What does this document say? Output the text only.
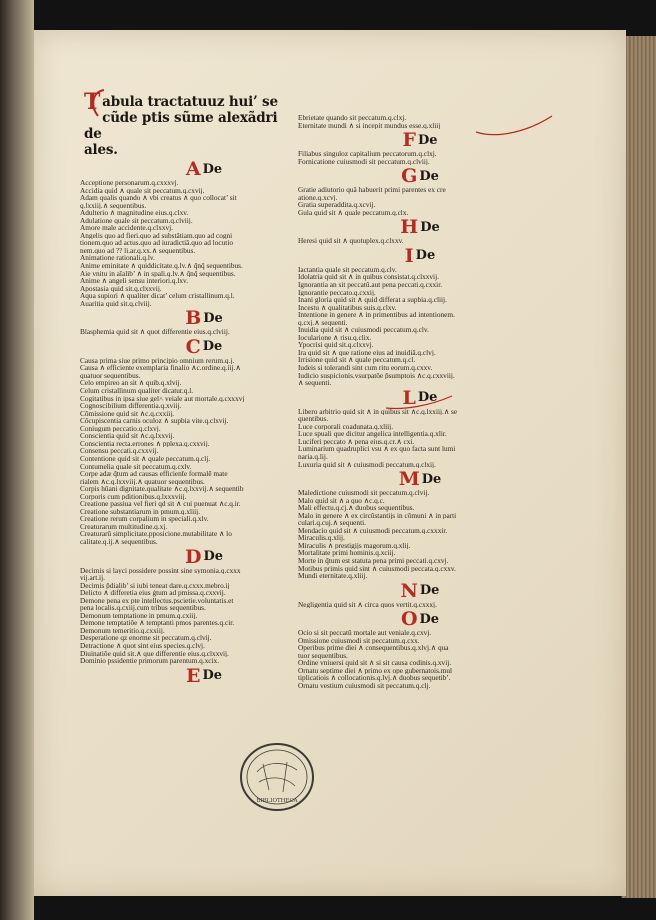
T abula tractatuuz hui’ se
cũde ptis sũme alexãdri de
ales.
A De
Acceptione personarum.q.cxxxvj.
Accidia quid ∧ quale sit peccatum.q.cxvij.
Adam qualis quando ∧ vbi creatus ∧ quo collocat’ sit
q.lxxiij.∧ sequentibus.
Adulterio ∧ magnitudine eius.q.clxv.
Adulatione quale sit peccatum.q.clviij.
Amore male accidente.q.clxxvj.
Angelis quo ad fieri.quo ad substãtiam.quo ad cogni
tionem.quo ad actus.quo ad iuradictiã.quo ad locutio
nem.quo ad ?? li.ar.q.xx.∧ sequentibus.
Animatione rationali.q.lv.
Anime eminitate ∧ quiddicitate.q.lv.∧ q̃nq̃ sequentibus.
Aie vnitu in aĩalib’ ∧ in spali.q.lv.∧ q̃nq̃ sequentibus.
Anime ∧ angeli sensu interiori.q.lxv.
Apostasia quid sit.q.clxxvij.
Aqua supiori ∧ qualiter dicat’ celum cristallinum.q.l.
Auaritia quid sit.q.clviij.
B De
Blasphemia quid sit ∧ quot differentie eius.q.clviij.
C De
Causa prima siue primo principio omnium rerum.q.j.
Causa ∧ efficiente exemplaria finalio ∧c.ordine.q.iij.∧
quatuor sequentibus.
Celo empireo an sit ∧ quib.q.xlvij.
Celum cristallinum qualiter dicatur.q.l.
Cogitatibus in ipsa siue gel˄ veiale aut mortale.q.cxxxvj
Cognoscibilium differentia.q.xviij.
Cõmissione quid sit ∧c.q.cxxiij.
Cõcupiscentia carnis oculoz ∧ supbia vite.q.clxvij.
Coniugum peccatio.q.clxvj.
Conscientia quid sit ∧c.q.lxxvij.
Conscientia recta.errones ∧ pplexa.q.cxxvij.
Consensu peccati.q.cxxvij.
Contentione quid sit ∧ quale peccatum.q.clj.
Contumelia quale sit peccatum.q.cxlv.
Corpe adæ q̃tum ad causas efficient̄e formalē mate
rialem ∧c.q.lxxviij.∧ quatuor sequentibus.
Corpis hũani dignitate.qualitate ∧c.q.lxxvij.∧ sequentib
Corporis cum pditionibus.q.lxxxviij.
Creatione passiua vel fieri qd sit ∧ cui puenuat ∧c.q.ir.
Creatione substantiarum in pmum.q.xliij.
Creatione rerum corpalium in speciali.q.xlv.
Creaturarum multitudine.q.xj.
Creaturarū simplicitate.pposicione.mutabilitate ∧ lo
calitate.q.ij.∧ sequentibus.
D De
Decimis si layci possidere possint sine symonia.q.cxxx
vij.art.ij.
Decimis p̃dialib’ si iubi teneat dare.q.cxxx.mebro.ij
Delicto ∧ differetia eius ġtum ad pmissa.q.cxxvij.
Demone pena ex pte intellectus.pscietie.voluntatis.et
pena localis.q.cxiij.cum tribus sequentibus.
Demonum temptatione in pmum.q.cxiij.
Demone temptatiõe ∧ temptanti pmos parentes.q.cir.
Demonum temeritio.q.cxxiij.
Desperatione qz enorme sit peccatum.q.clvij.
Detractione ∧ quot sint eius species.q.clvj.
Diuinatiõe quid sit.∧ que differentie eius.q.clxxvij.
Dominio pssidentie primorum parentum.q.xcix.
E De
Ebrietate quando sit peccatum.q.clxj.
Eternitate mundi ∧ si incepit mundus esse.q.xliij
F De
Filiabus singuloz capitalium peccatorum.q.clxj.
Fornicatione cuiusmodi sit peccatum.q.clviij.
G De
Gratie adiutorio quã habuerit primi parentes ex cre
atione.q.xcvj.
Gratia superaddita.q.xcvij.
Gula quid sit ∧ quale peccatum.q.clx.
H De
Heresi quid sit ∧ quotuplex.q.clxxv.
I De
Iactantia quale sit peccatum.q.clv.
Idolatria quid sit ∧ in quibus consistat.q.clxxvij.
Ignorantia an sit peccatũ.aut pena peccati.q.cxxir.
Ignorantie peccato.q.cxxij.
Inani gloria quid sit ∧ quid differat a supbia.q.cliij.
Incestu ∧ qualitatibus suis.q.clxv.
Intentione in genere ∧ in primentibus ad intentionem.
q.cxj.∧ sequenti.
Inuidia quid sit ∧ cuiusmodi peccatum.q.clv.
Iocularione ∧ risu.q.clix.
Ypocrisi quid sit.q.clxxvj.
Ira quid sit ∧ que ratione eius ad inuidiã.q.clvj.
Irrisione quid sit ∧ quale peccatum.q.cl.
Iudeis si tolerandi sint cum ritu eorum.q.cxxv.
Iudicio suspicionis.vsurpatōe p̃sumptois ∧c.q.cxxviij.
∧ sequenti.
L De
Libero arbitrio quid sit ∧ in quibus sit ∧c.q.lxxiij.∧ se
quentibus.
Luce corporali coadunata.q.xliij.
Luce spuali que dicitur angelica intelligentia.q.xlir.
Luciferi peccato ∧ pena eius.q.cr.∧ cxi.
Luminarium quadruplici vsu ∧ ex quo facta sunt lumi
naria.q.lij.
Luxuria quid sit ∧ cuiusmodi peccatum.q.clxij.
M De
Maledictione cuiusmodi sit peccatum.q.clvij.
Malo quid sit ∧ a quo ∧c.q.c.
Mali effectu.q.cj.∧ duobus sequentibus.
Malo in genere ∧ ex circũstantijs in cōmuni ∧ in parti
culari.q.cuj.∧ sequenti.
Mendacio quid sit ∧ cuiusmodi peccatum.q.cxxxir.
Miraculis.q.xlij.
Miraculis ∧ prestigijs magorum.q.xlij.
Mortalitate primi hominis.q.xciij.
Morte in q̃tum est statuta pena primi peccati.q.cxvj.
Motibus primis quid sint ∧ cuiusmodi peccata.q.cxxv.
Mundi eternitate.q.xliij.
N De
Negligentia quid sit ∧ circa quos vertit.q.cxxxj.
O De
Ocio si sit peccatū mortale aut veniale.q.cxvj.
Omissione cuiusmodi sit peccatum.q.cxx.
Operibus prime diei ∧ consequentibus.q.xlvj.∧ qua
tuor sequentibus.
Ordine vniuersi quid sit ∧ si sit causa codinis.q.xvij.
Ornatu septime diei ∧ primo ex ope gubernatois.mul
tiplicatiois ∧ collocationis.q.lvj.∧ duobus sequetib’.
Ornatu vestium cuiusmodi sit peccatum.q.clj.
BIBLIOTHECA
